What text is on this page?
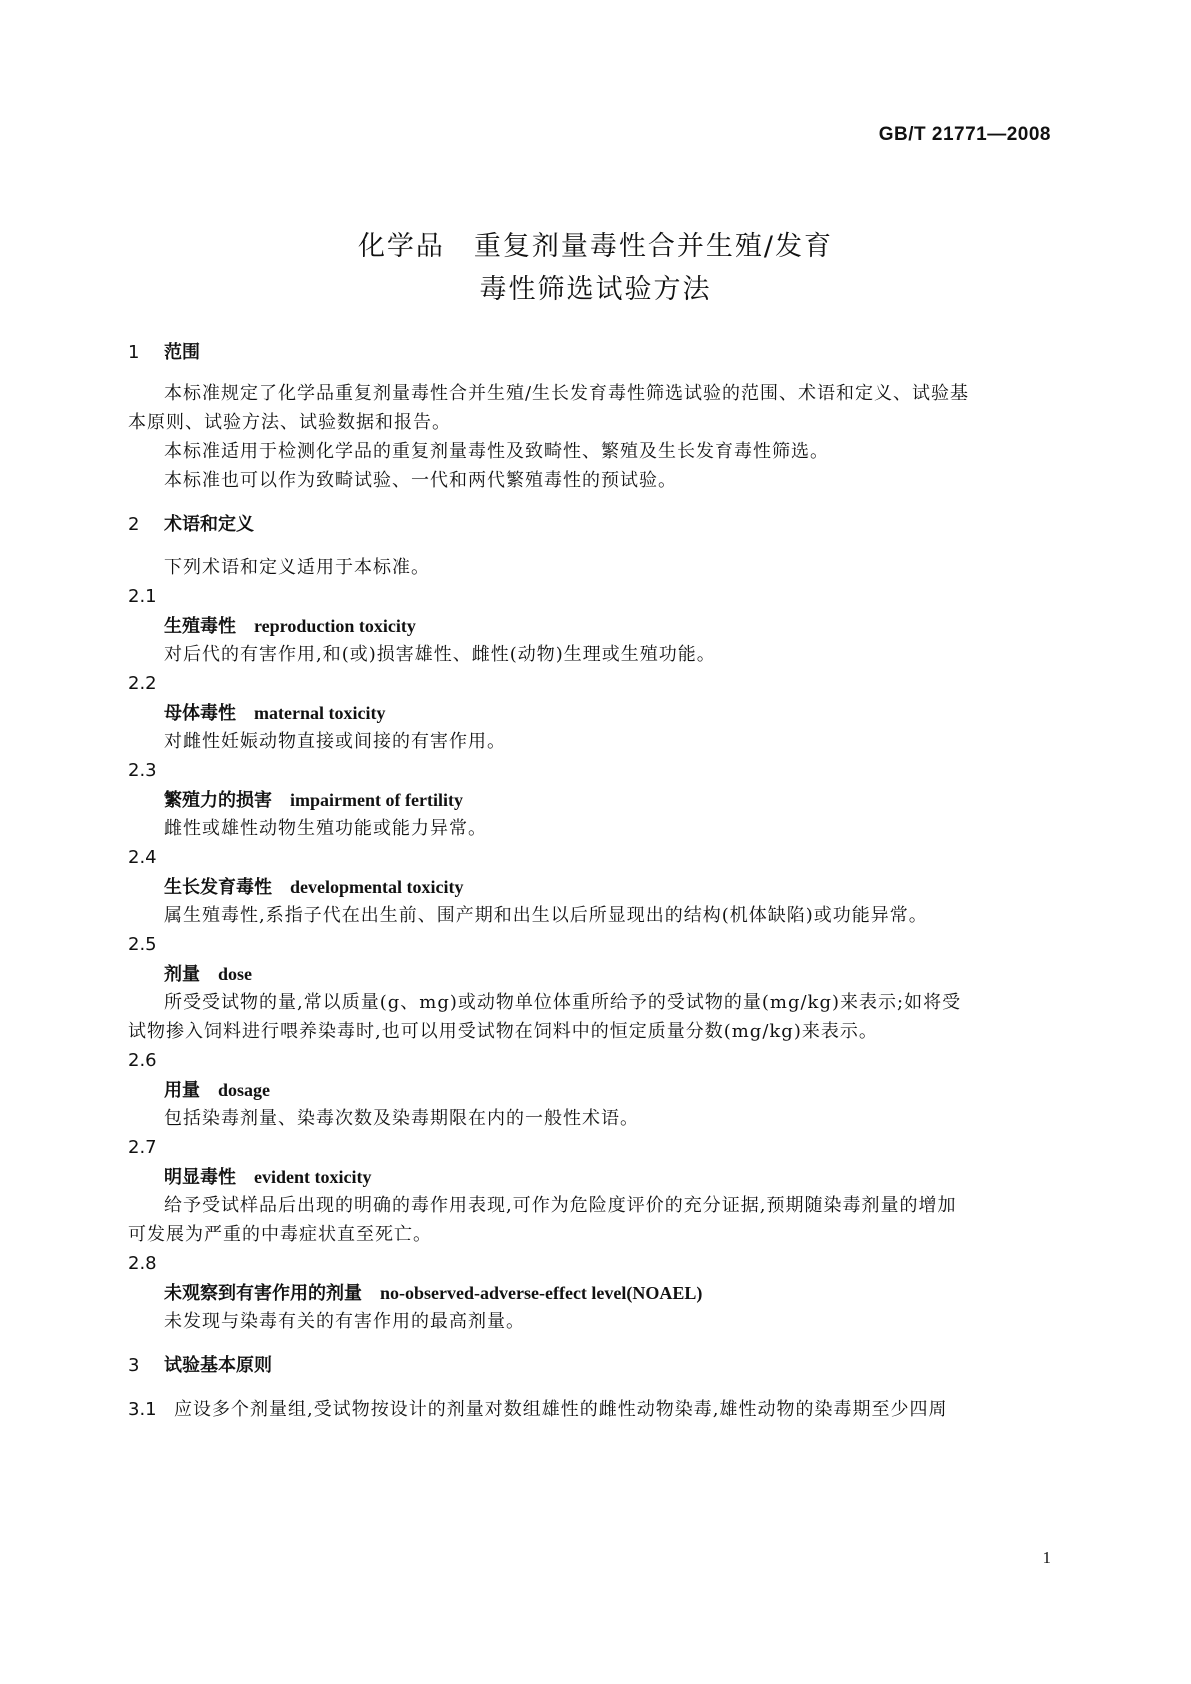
GB/T 21771—2008
化学品　重复剂量毒性合并生殖/发育
毒性筛选试验方法
1 范围
本标准规定了化学品重复剂量毒性合并生殖/生长发育毒性筛选试验的范围、术语和定义、试验基
本原则、试验方法、试验数据和报告。
本标准适用于检测化学品的重复剂量毒性及致畸性、繁殖及生长发育毒性筛选。
本标准也可以作为致畸试验、一代和两代繁殖毒性的预试验。
2 术语和定义
下列术语和定义适用于本标准。
2.1
生殖毒性 reproduction toxicity
对后代的有害作用,和(或)损害雄性、雌性(动物)生理或生殖功能。
2.2
母体毒性 maternal toxicity
对雌性妊娠动物直接或间接的有害作用。
2.3
繁殖力的损害 impairment of fertility
雌性或雄性动物生殖功能或能力异常。
2.4
生长发育毒性 developmental toxicity
属生殖毒性,系指子代在出生前、围产期和出生以后所显现出的结构(机体缺陷)或功能异常。
2.5
剂量 dose
所受受试物的量,常以质量(g、mg)或动物单位体重所给予的受试物的量(mg/kg)来表示;如将受
试物掺入饲料进行喂养染毒时,也可以用受试物在饲料中的恒定质量分数(mg/kg)来表示。
2.6
用量 dosage
包括染毒剂量、染毒次数及染毒期限在内的一般性术语。
2.7
明显毒性 evident toxicity
给予受试样品后出现的明确的毒作用表现,可作为危险度评价的充分证据,预期随染毒剂量的增加
可发展为严重的中毒症状直至死亡。
2.8
未观察到有害作用的剂量 no-observed-adverse-effect level(NOAEL)
未发现与染毒有关的有害作用的最高剂量。
3 试验基本原则
3.1 应设多个剂量组,受试物按设计的剂量对数组雄性的雌性动物染毒,雄性动物的染毒期至少四周
1
